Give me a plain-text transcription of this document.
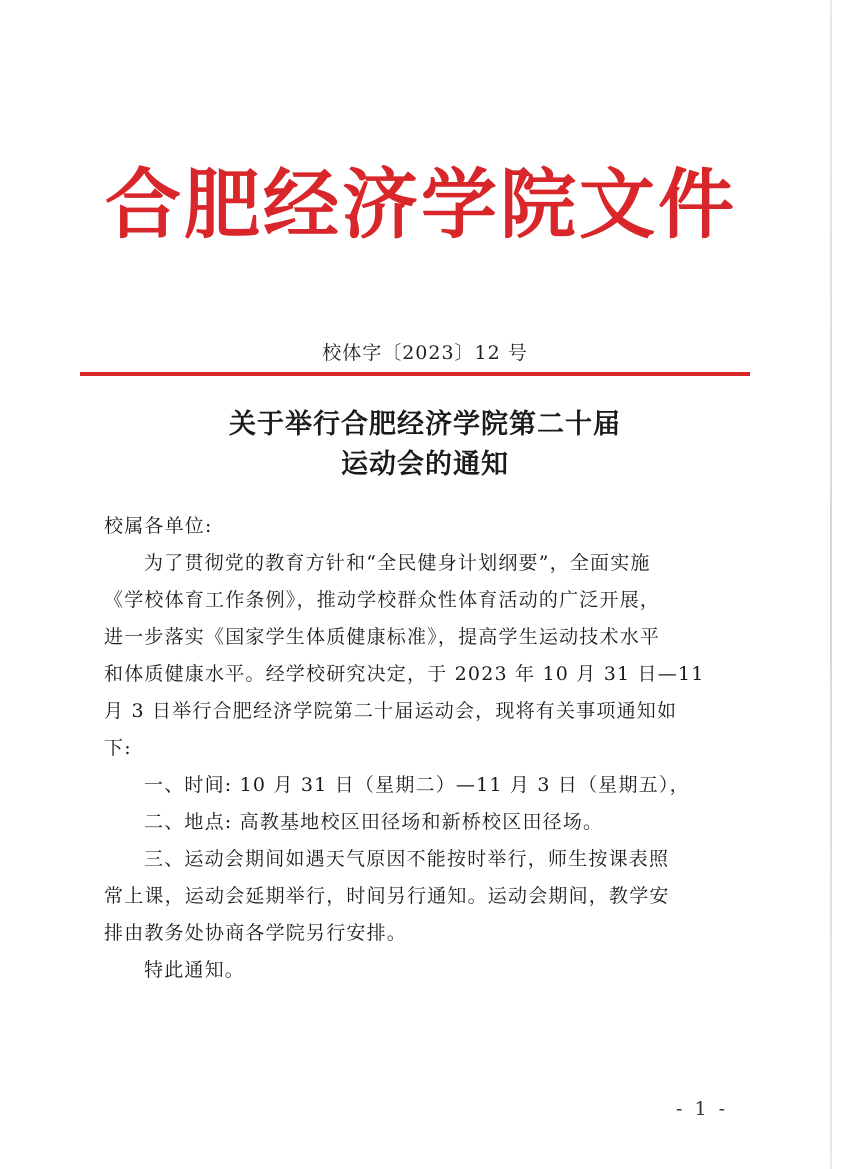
合肥经济学院文件
校体字〔2023〕12 号
关于举行合肥经济学院第二十届
运动会的通知
校属各单位:
为了贯彻党的教育方针和“全民健身计划纲要”，全面实施
《学校体育工作条例》，推动学校群众性体育活动的广泛开展，
进一步落实《国家学生体质健康标准》，提高学生运动技术水平
和体质健康水平。经学校研究决定，于 2023 年 10 月 31 日—11
月 3 日举行合肥经济学院第二十届运动会，现将有关事项通知如
下:
一、时间: 10 月 31 日（星期二）—11 月 3 日（星期五），
二、地点: 高教基地校区田径场和新桥校区田径场。
三、运动会期间如遇天气原因不能按时举行，师生按课表照
常上课，运动会延期举行，时间另行通知。运动会期间，教学安
排由教务处协商各学院另行安排。
特此通知。
- 1 -
